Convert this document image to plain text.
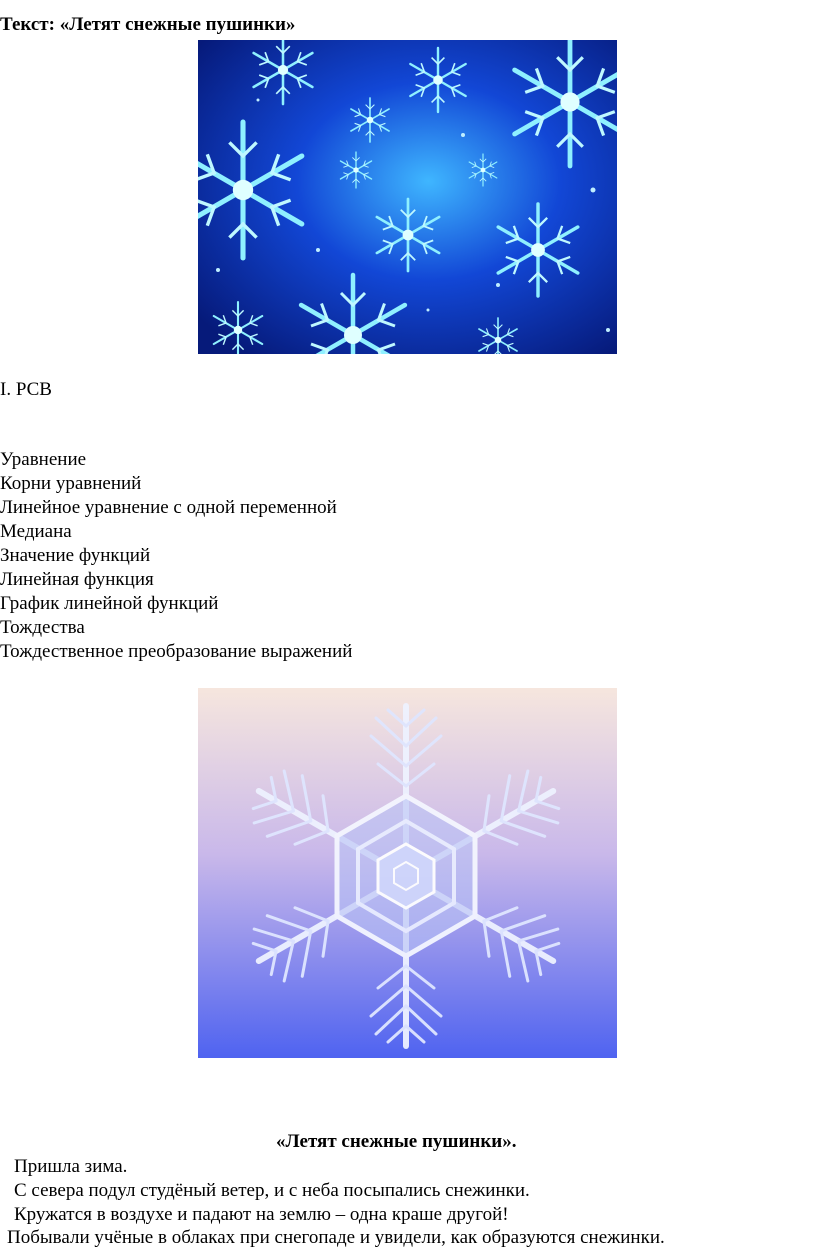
Текст: «Летят снежные пушинки»
I. РСВ
Уравнение
Корни уравнений
Линейное уравнение с одной переменной
Медиана
Значение функций
Линейная функция
График линейной функций
Тождества
Тождественное преобразование выражений
«Летят снежные пушинки».
Пришла зима.
С севера подул студёный ветер, и с неба посыпались снежинки.
Кружатся в воздухе и падают на землю – одна краше другой!
Побывали учёные в облаках при снегопаде и увидели, как образуются снежинки.
